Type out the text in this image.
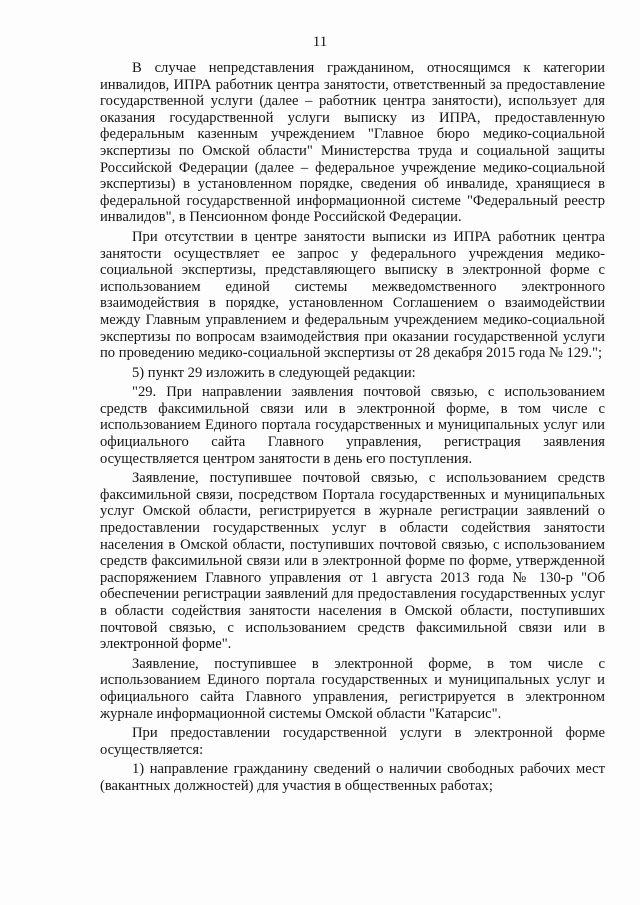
11

В случае непредставления гражданином, относящимся к категории инвалидов, ИПРА работник центра занятости, ответственный за предоставление государственной услуги (далее – работник центра занятости), использует для оказания государственной услуги выписку из ИПРА, предоставленную федеральным казенным учреждением "Главное бюро медико-социальной экспертизы по Омской области" Министерства труда и социальной защиты Российской Федерации (далее – федеральное учреждение медико-социальной экспертизы) в установленном порядке, сведения об инвалиде, хранящиеся в федеральной государственной информационной системе "Федеральный реестр инвалидов", в Пенсионном фонде Российской Федерации.

При отсутствии в центре занятости выписки из ИПРА работник центра занятости осуществляет ее запрос у федерального учреждения медико-социальной экспертизы, представляющего выписку в электронной форме с использованием единой системы межведомственного электронного взаимодействия в порядке, установленном Соглашением о взаимодействии между Главным управлением и федеральным учреждением медико-социальной экспертизы по вопросам взаимодействия при оказании государственной услуги по проведению медико-социальной экспертизы от 28 декабря 2015 года № 129.";

5) пункт 29 изложить в следующей редакции:

"29. При направлении заявления почтовой связью, с использованием средств факсимильной связи или в электронной форме, в том числе с использованием Единого портала государственных и муниципальных услуг или официального сайта Главного управления, регистрация заявления осуществляется центром занятости в день его поступления.

Заявление, поступившее почтовой связью, с использованием средств факсимильной связи, посредством Портала государственных и муниципальных услуг Омской области, регистрируется в журнале регистрации заявлений о предоставлении государственных услуг в области содействия занятости населения в Омской области, поступивших почтовой связью, с использованием средств факсимильной связи или в электронной форме по форме, утвержденной распоряжением Главного управления от 1 августа 2013 года № 130-р "Об обеспечении регистрации заявлений для предоставления государственных услуг в области содействия занятости населения в Омской области, поступивших почтовой связью, с использованием средств факсимильной связи или в электронной форме".

Заявление, поступившее в электронной форме, в том числе с использованием Единого портала государственных и муниципальных услуг и официального сайта Главного управления, регистрируется в электронном журнале информационной системы Омской области "Катарсис".

При предоставлении государственной услуги в электронной форме осуществляется:

1) направление гражданину сведений о наличии свободных рабочих мест (вакантных должностей) для участия в общественных работах;
